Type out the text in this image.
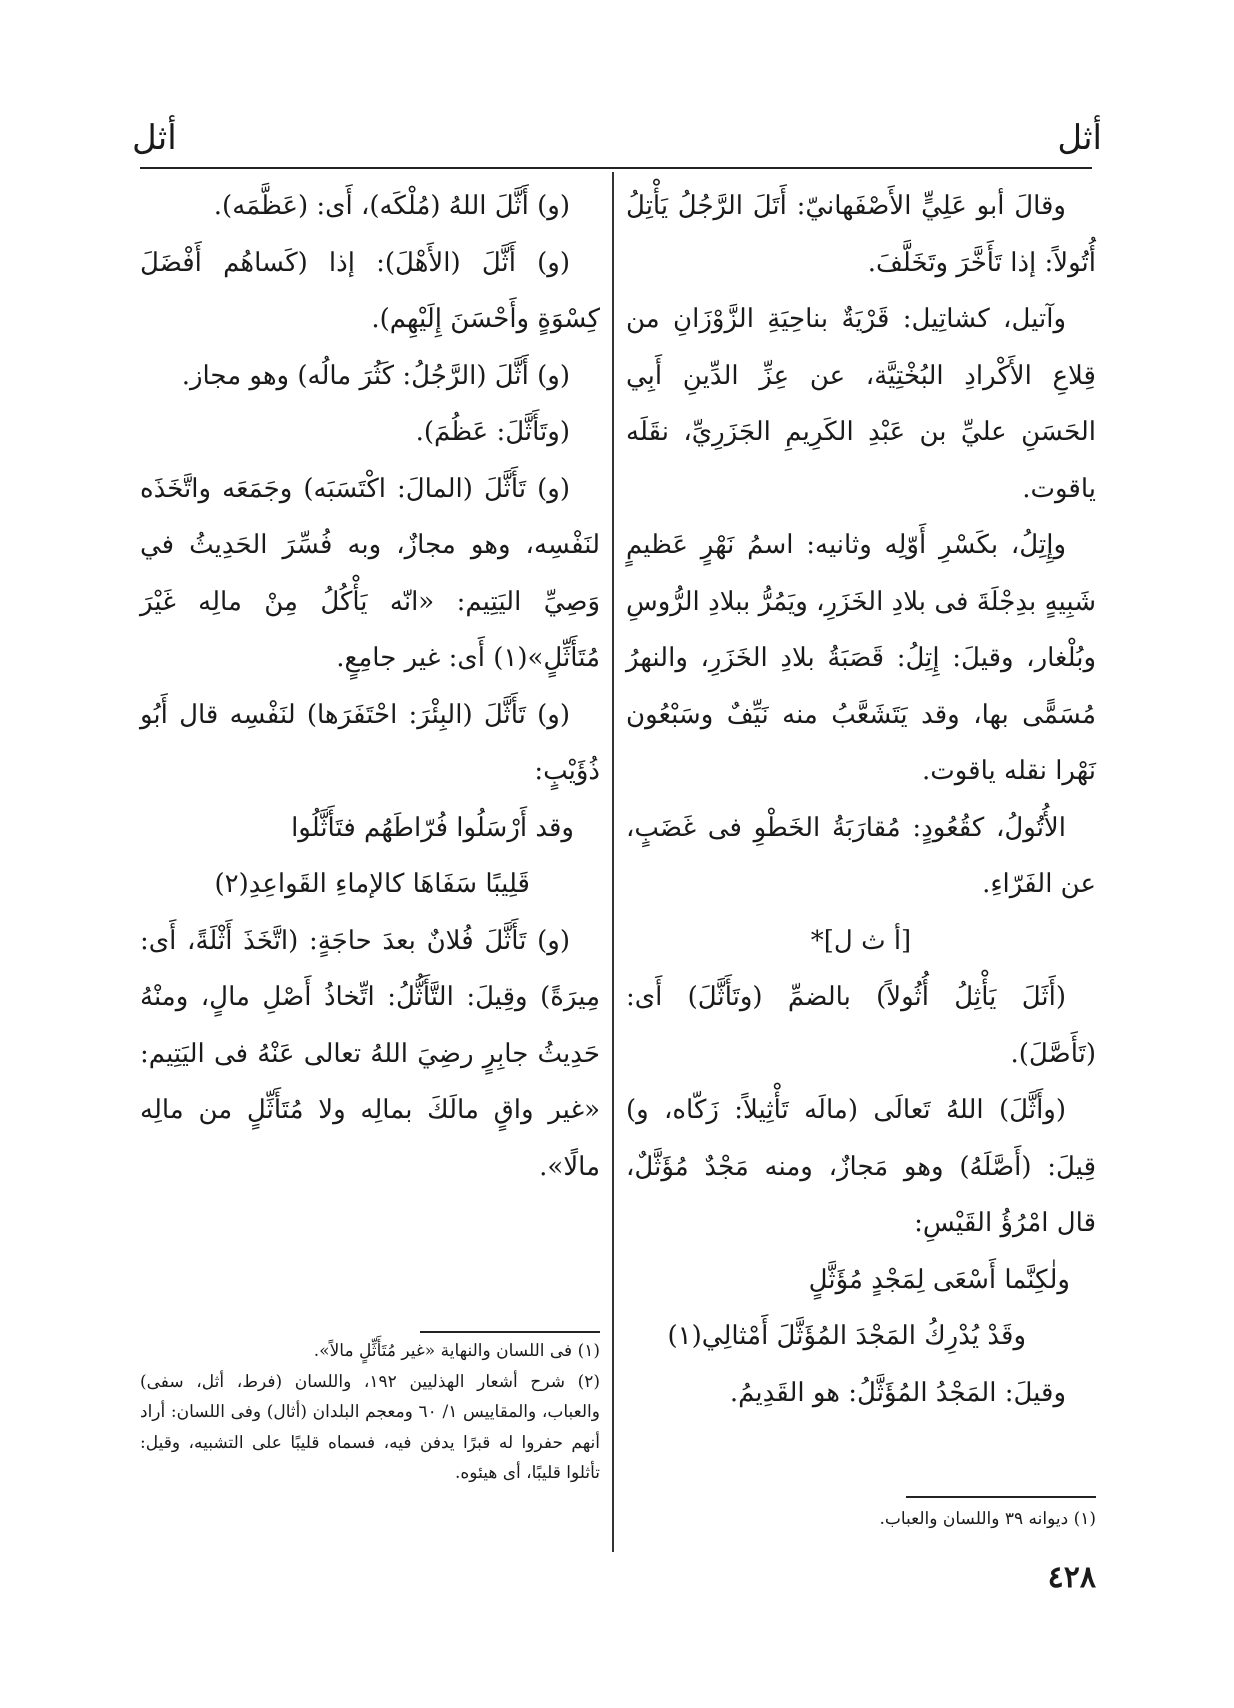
أثل
أثل

وقالَ أبو عَلِيٍّ الأَصْفَهانيّ: أَتَلَ الرَّجُلُ يَأْتِلُ أُتُولاً: إذا تَأَخَّرَ وتَخَلَّفَ.

وآتيل، كشاتِيل: قَرْيَةٌ بناحِيَةِ الزَّوْزَانِ من قِلاعِ الأَكْرادِ البُخْتِيَّة، عن عِزِّ الدِّينِ أَبِي الحَسَنِ عليِّ بن عَبْدِ الكَرِيمِ الجَزَرِيِّ، نقَلَه ياقوت.

وإِتِلُ، بكَسْرِ أَوّلِه وثانيه: اسمُ نَهْرٍ عَظيمٍ شَبِيهٍ بدِجْلَةَ فى بلادِ الخَزَرِ، ويَمُرُّ ببلادِ الرُّوسِ وبُلْغار، وقيلَ: إِتِلُ: قَصَبَةُ بلادِ الخَزَرِ، والنهرُ مُسَمًّى بها، وقد يَتَشَعَّبُ منه نَيِّفٌ وسَبْعُون نَهْرا نقله ياقوت.

الأُتُولُ، كقُعُودٍ: مُقارَبَةُ الخَطْوِ فى غَضَبٍ، عن الفَرّاءِ.

[أ ث ل]*

(أَثَلَ يَأْثِلُ أُثُولاً) بالضمِّ (وتَأَثَّلَ) أَى: (تَأَصَّلَ).

(وأَثَّلَ) اللهُ تَعالَى (مالَه تَأْثِيلاً: زَكّاه، و) قِيلَ: (أَصَّلَهُ) وهو مَجازٌ، ومنه مَجْدٌ مُؤَثَّلٌ، قال امْرُؤُ القَيْسِ:

ولٰكِنَّما أَسْعَى لِمَجْدٍ مُؤَثَّلٍ

وقَدْ يُدْرِكُ المَجْدَ المُؤَثَّلَ أَمْثالِي(١)

وقيلَ: المَجْدُ المُؤَثَّلُ: هو القَدِيمُ.

(و) أَثَّلَ اللهُ (مُلْكَه)، أَى: (عَظَّمَه).

(و) أَثَّلَ (الأَهْلَ): إذا (كَساهُم أَفْضَلَ كِسْوَةٍ وأَحْسَنَ إِلَيْهِم).

(و) أَثَّلَ (الرَّجُلُ: كَثُرَ مالُه) وهو مجاز.

(وتَأَثَّلَ: عَظُمَ).

(و) تَأَثَّلَ (المالَ: اكْتَسَبَه) وجَمَعَه واتَّخَذَه لنَفْسِه، وهو مجازٌ، وبه فُسِّرَ الحَدِيثُ في وَصِيِّ اليَتِيم: «انّه يَأْكُلُ مِنْ مالِه غَيْرَ مُتَأَثِّلٍ»(١) أَى: غير جامِعٍ.

(و) تَأَثَّلَ (البِئْرَ: احْتَفَرَها) لنَفْسِه قال أَبُو ذُؤَيْبٍ:

وقد أَرْسَلُوا فُرّاطَهُم فتَأَثَّلُوا

قَلِيبًا سَفَاهَا كالإماءِ القَواعِدِ(٢)

(و) تَأَثَّلَ فُلانٌ بعدَ حاجَةٍ: (اتَّخَذَ أَثْلَةً، أَى: مِيرَةً) وقِيلَ: التَّأَثُّلُ: اتِّخاذُ أَصْلِ مالٍ، ومنْهُ حَدِيثُ جابِرٍ رضِيَ اللهُ تعالى عَنْهُ فى اليَتِيم: «غير واقٍ مالَكَ بمالِه ولا مُتَأَثِّلٍ من مالِه مالًا».

(١) فى اللسان والنهاية «غير مُتَأَثِّلٍ مالاً».

(٢) شرح أشعار الهذليين ١٩٢، واللسان (فرط، أثل، سفى) والعباب، والمقاييس ١/ ٦٠ ومعجم البلدان (أثال) وفى اللسان: أراد أنهم حفروا له قبرًا يدفن فيه، فسماه قليبًا على التشبيه، وقيل: تأثلوا قليبًا، أى هيئوه.

(١) ديوانه ٣٩ واللسان والعباب.

٤٢٨
